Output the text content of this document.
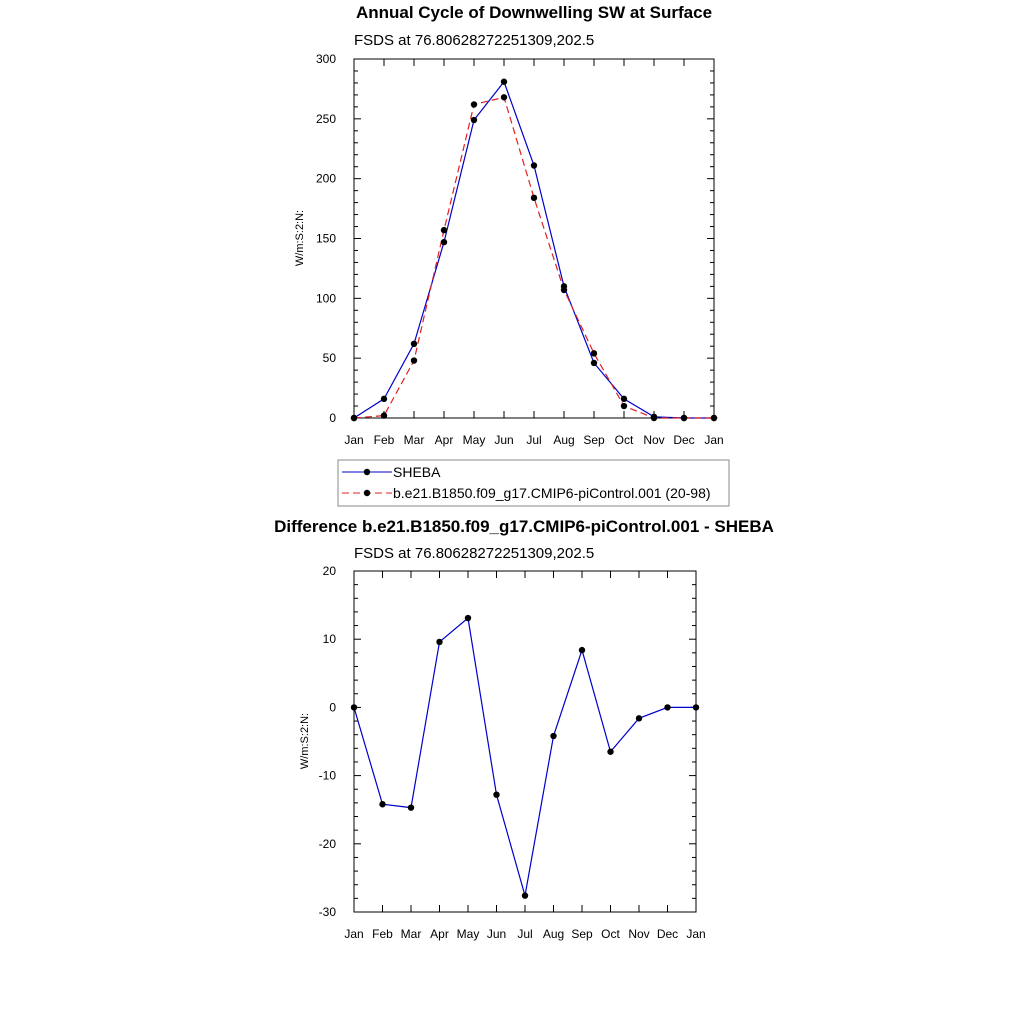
Annual Cycle of Downwelling SW at Surface
FSDS at 76.80628272251309,202.5
W/m:S:2:N:
0
50
100
150
200
250
300
Jan Feb Mar Apr May Jun Jul Aug Sep Oct Nov Dec Jan
SHEBA
b.e21.B1850.f09_g17.CMIP6-piControl.001 (20-98)
Difference b.e21.B1850.f09_g17.CMIP6-piControl.001 - SHEBA
FSDS at 76.80628272251309,202.5
W/m:S:2:N:
-30
-20
-10
0
10
20
Jan Feb Mar Apr May Jun Jul Aug Sep Oct Nov Dec Jan
